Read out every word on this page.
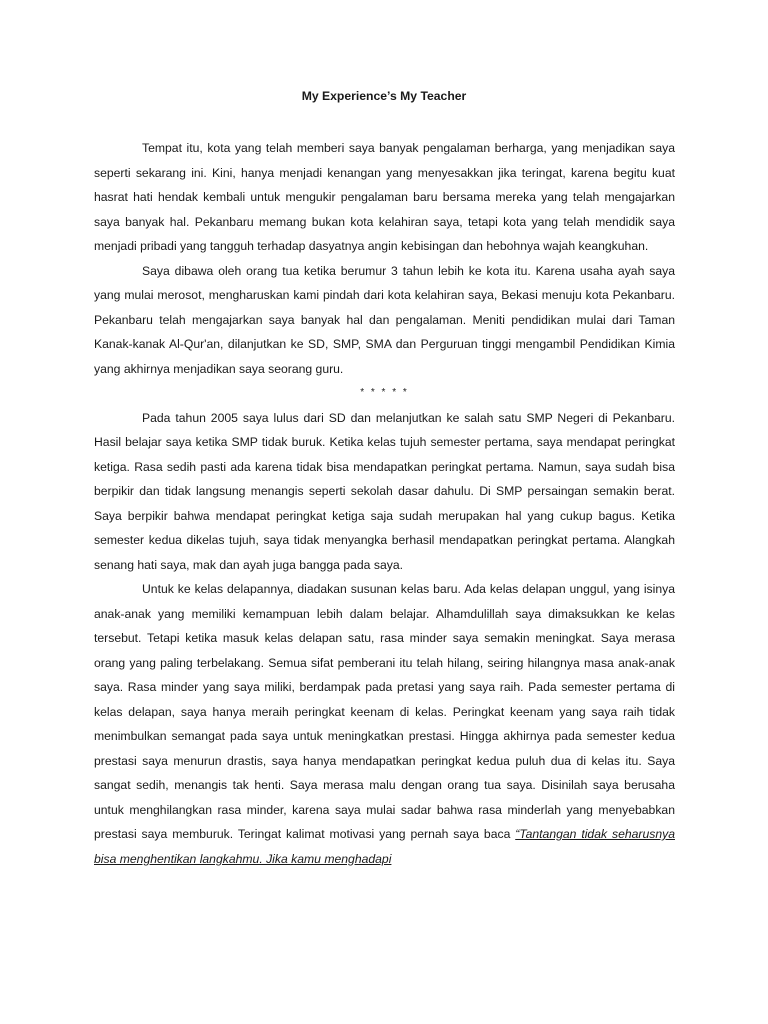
My Experience’s My Teacher

Tempat itu, kota yang telah memberi saya banyak pengalaman berharga, yang menjadikan saya seperti sekarang ini. Kini, hanya menjadi kenangan yang menyesakkan jika teringat, karena begitu kuat hasrat hati hendak kembali untuk mengukir pengalaman baru bersama mereka yang telah mengajarkan saya banyak hal. Pekanbaru memang bukan kota kelahiran saya, tetapi kota yang telah mendidik saya menjadi pribadi yang tangguh terhadap dasyatnya angin kebisingan dan hebohnya wajah keangkuhan.

Saya dibawa oleh orang tua ketika berumur 3 tahun lebih ke kota itu. Karena usaha ayah saya yang mulai merosot, mengharuskan kami pindah dari kota kelahiran saya, Bekasi menuju kota Pekanbaru. Pekanbaru telah mengajarkan saya banyak hal dan pengalaman. Meniti pendidikan mulai dari Taman Kanak-kanak Al-Qur'an, dilanjutkan ke SD, SMP, SMA dan Perguruan tinggi mengambil Pendidikan Kimia yang akhirnya menjadikan saya seorang guru.

* * * * *

Pada tahun 2005 saya lulus dari SD dan melanjutkan ke salah satu SMP Negeri di Pekanbaru. Hasil belajar saya ketika SMP tidak buruk. Ketika kelas tujuh semester pertama, saya mendapat peringkat ketiga. Rasa sedih pasti ada karena tidak bisa mendapatkan peringkat pertama. Namun, saya sudah bisa berpikir dan tidak langsung menangis seperti sekolah dasar dahulu. Di SMP persaingan semakin berat. Saya berpikir bahwa mendapat peringkat ketiga saja sudah merupakan hal yang cukup bagus. Ketika semester kedua dikelas tujuh, saya tidak menyangka berhasil mendapatkan peringkat pertama. Alangkah senang hati saya, mak dan ayah juga bangga pada saya.

Untuk ke kelas delapannya, diadakan susunan kelas baru. Ada kelas delapan unggul, yang isinya anak-anak yang memiliki kemampuan lebih dalam belajar. Alhamdulillah saya dimaksukkan ke kelas tersebut. Tetapi ketika masuk kelas delapan satu, rasa minder saya semakin meningkat. Saya merasa orang yang paling terbelakang. Semua sifat pemberani itu telah hilang, seiring hilangnya masa anak-anak saya. Rasa minder yang saya miliki, berdampak pada pretasi yang saya raih. Pada semester pertama di kelas delapan, saya hanya meraih peringkat keenam di kelas. Peringkat keenam yang saya raih tidak menimbulkan semangat pada saya untuk meningkatkan prestasi. Hingga akhirnya pada semester kedua prestasi saya menurun drastis, saya hanya mendapatkan peringkat kedua puluh dua di kelas itu. Saya sangat sedih, menangis tak henti. Saya merasa malu dengan orang tua saya. Disinilah saya berusaha untuk menghilangkan rasa minder, karena saya mulai sadar bahwa rasa minderlah yang menyebabkan prestasi saya memburuk. Teringat kalimat motivasi yang pernah saya baca “Tantangan tidak seharusnya bisa menghentikan langkahmu. Jika kamu menghadapi
